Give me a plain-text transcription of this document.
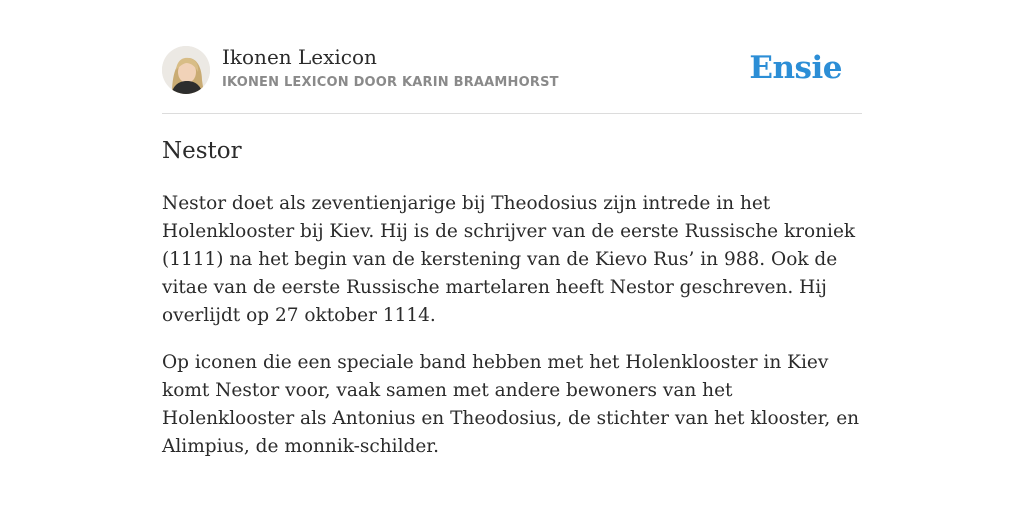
Ikonen Lexicon
IKONEN LEXICON DOOR KARIN BRAAMHORST	Ensie
Nestor

Nestor doet als zeventienjarige bij Theodosius zijn intrede in het Holenklooster bij Kiev. Hij is de schrijver van de eerste Russische kroniek (1111) na het begin van de kerstening van de Kievo Rus’ in 988. Ook de vitae van de eerste Russische martelaren heeft Nestor geschreven. Hij overlijdt op 27 oktober 1114.

Op iconen die een speciale band hebben met het Holenklooster in Kiev komt Nestor voor, vaak samen met andere bewoners van het Holenklooster als Antonius en Theodosius, de stichter van het klooster, en Alimpius, de monnik-schilder.
